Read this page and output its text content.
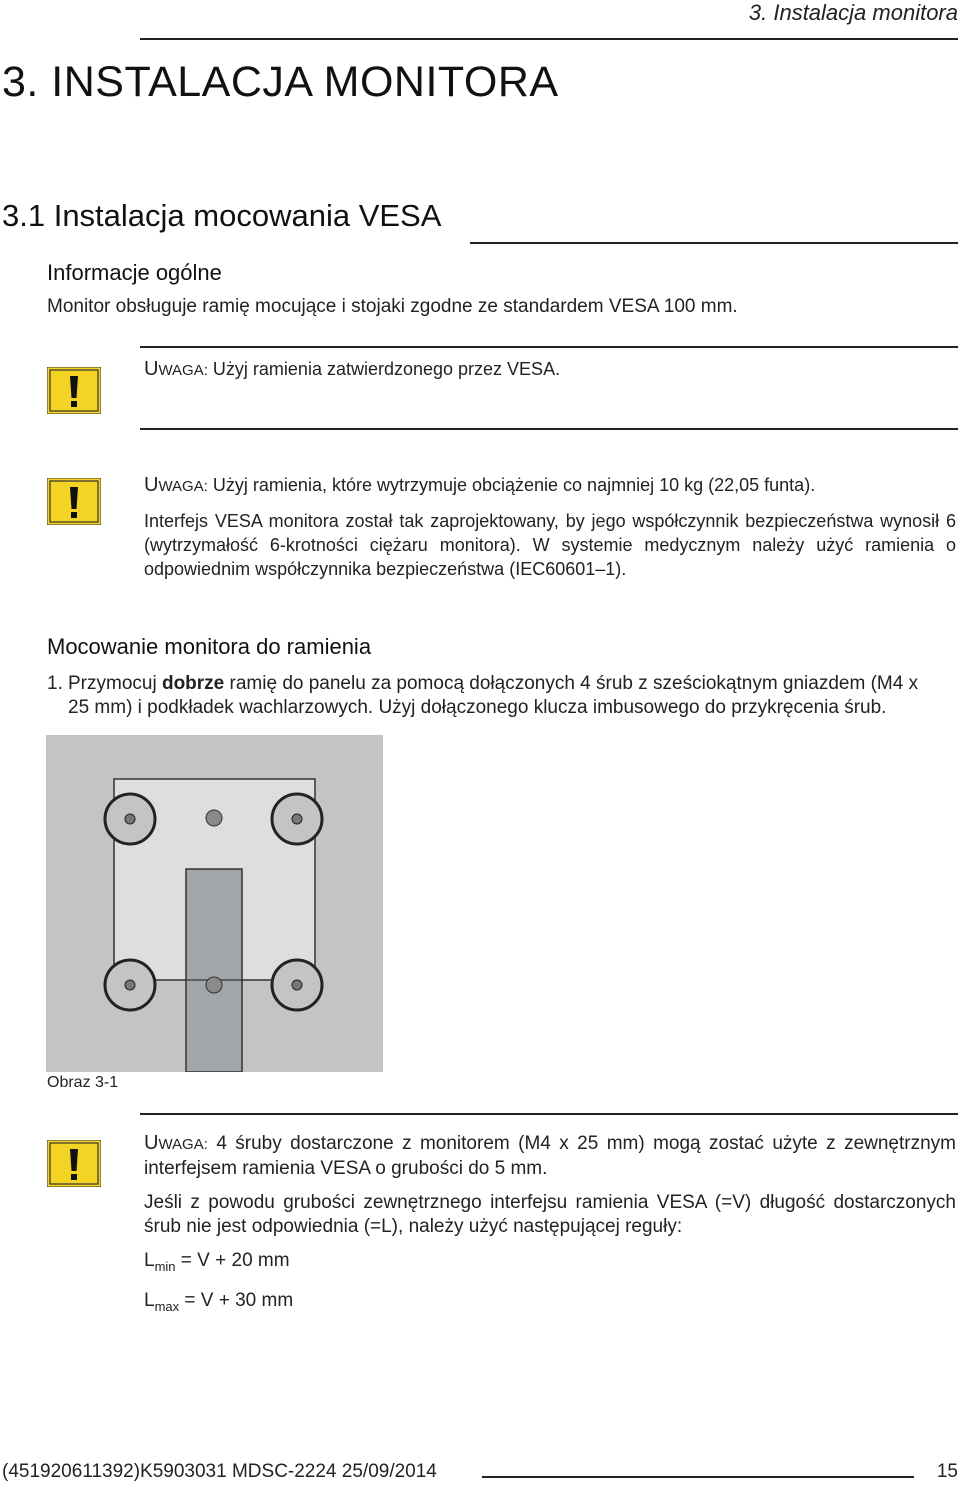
3. Instalacja monitora
3. INSTALACJA MONITORA
3.1 Instalacja mocowania VESA
Informacje ogólne
Monitor obsługuje ramię mocujące i stojaki zgodne ze standardem VESA 100 mm.
UWAGA: Użyj ramienia zatwierdzonego przez VESA.

UWAGA: Użyj ramienia, które wytrzymuje obciążenie co najmniej 10 kg (22,05 funta).

Interfejs VESA monitora został tak zaprojektowany, by jego współczynnik bezpieczeństwa wynosił 6 (wytrzymałość 6-krotności ciężaru monitora). W systemie medycznym należy użyć ramienia o odpowiednim współczynnika bezpieczeństwa (IEC60601–1).

Mocowanie monitora do ramienia
1. Przymocuj dobrze ramię do panelu za pomocą dołączonych 4 śrub z sześciokątnym gniazdem (M4 x
25 mm) i podkładek wachlarzowych. Użyj dołączonego klucza imbusowego do przykręcenia śrub.
Obraz 3-1

UWAGA: 4 śruby dostarczone z monitorem (M4 x 25 mm) mogą zostać użyte z zewnętrznym interfejsem ramienia VESA o grubości do 5 mm.

Jeśli z powodu grubości zewnętrznego interfejsu ramienia VESA (=V) długość dostarczonych śrub nie jest odpowiednia (=L), należy użyć następującej reguły:

$L_{min} = V + 20$ mm

$L_{max} = V + 30$ mm

(451920611392)K5903031 MDSC-2224 25/09/2014	15
